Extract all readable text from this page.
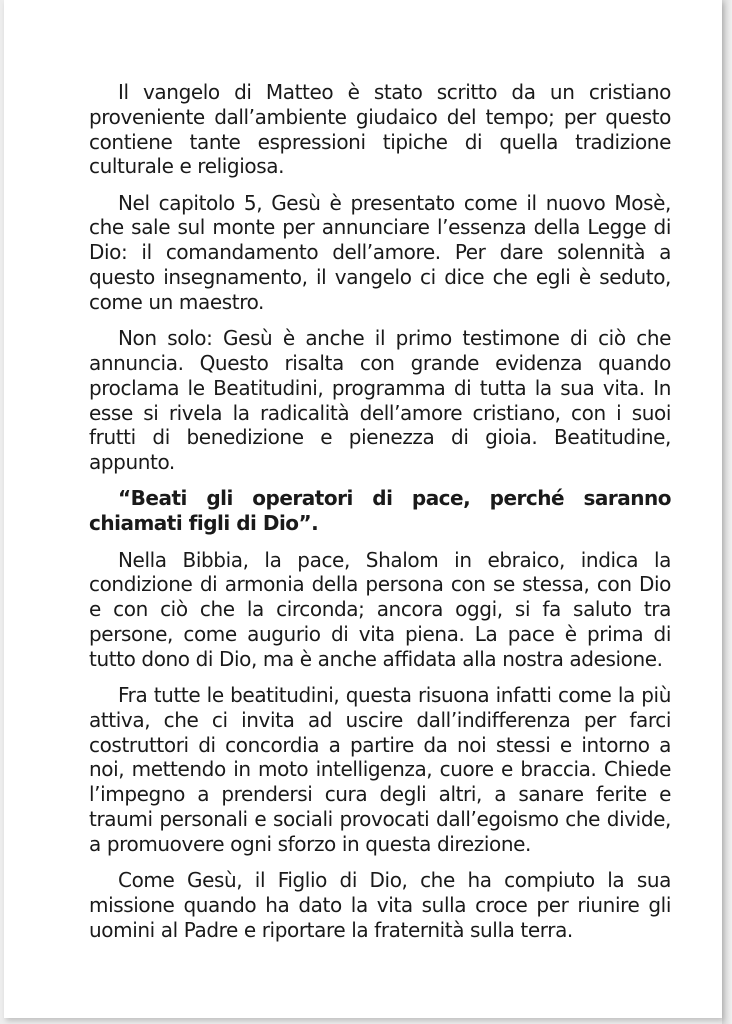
Il vangelo di Matteo è stato scritto da un cristiano proveniente dall’ambiente giudaico del tempo; per questo contiene tante espressioni tipiche di quella tradizione culturale e religiosa.

Nel capitolo 5, Gesù è presentato come il nuovo Mosè, che sale sul monte per annunciare l’essenza della Legge di Dio: il comandamento dell’amore. Per dare solennità a questo insegnamento, il vangelo ci dice che egli è seduto, come un maestro.

Non solo: Gesù è anche il primo testimone di ciò che annuncia. Questo risalta con grande evidenza quando proclama le Beatitudini, programma di tutta la sua vita. In esse si rivela la radicalità dell’amore cristiano, con i suoi frutti di benedizione e pienezza di gioia. Beatitudine, appunto.

“Beati gli operatori di pace, perché saranno chiamati figli di Dio”.

Nella Bibbia, la pace, Shalom in ebraico, indica la condizione di armonia della persona con se stessa, con Dio e con ciò che la circonda; ancora oggi, si fa saluto tra persone, come augurio di vita piena. La pace è prima di tutto dono di Dio, ma è anche affidata alla nostra adesione.

Fra tutte le beatitudini, questa risuona infatti come la più attiva, che ci invita ad uscire dall’indifferenza per farci costruttori di concordia a partire da noi stessi e intorno a noi, mettendo in moto intelligenza, cuore e braccia. Chiede l’impegno a prendersi cura degli altri, a sanare ferite e traumi personali e sociali provocati dall’egoismo che divide, a promuovere ogni sforzo in questa direzione.

Come Gesù, il Figlio di Dio, che ha compiuto la sua missione quando ha dato la vita sulla croce per riunire gli uomini al Padre e riportare la fraternità sulla terra.
